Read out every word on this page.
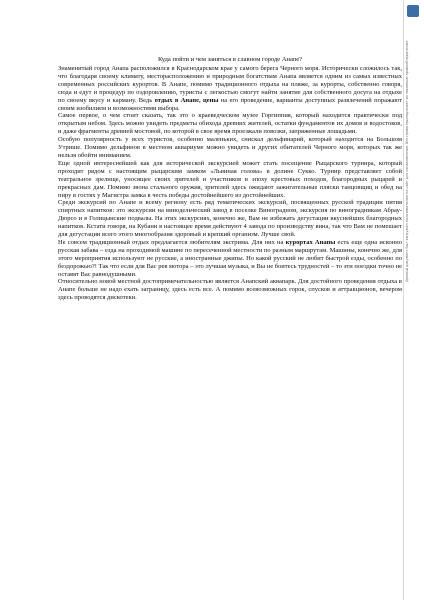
Данный документ был загружен пользователем на сайт для ознакомления. Все права принадлежат их законным правообладателям.
Куда пойти и чем заняться в славном городе Анапе?

Знаменитый город Анапа расположился в Краснодарском крае у самого берега Черного моря. Исторически сложилось так, что благодаря своему климату, месторасположению и природным богатствам Анапа является одним из самых известных современных российских курортов. В Анапе, помимо традиционного отдыха на пляже, за курорты, собственно говоря, сюда и едут и процедур по оздоровлению, туристы с легкостью смогут найти занятие для собственного досуга на отдыхе по своему вкусу и карману. Ведь отдых в Анапе, цены на его проведение, варианты доступных развлечений поражают своим изобилием и возможностями выбора.

Самое первое, о чем стоит сказать, так это о краеведческом музее Горгиппия, который находится практически под открытым небом. Здесь можно увидеть предметы обихода древних жителей, остатки фундаментов их домов и водостоков, и даже фрагменты древней мостовой, по которой в свое время проезжали повозки, запряженные лошадьми.

Особую популярность у всех туристов, особенно маленьких, снискал дельфинарий, который находится на Большом Утрише. Помимо дельфинов в местном аквариуме можно увидеть и других обитателей Черного моря, которых так же нельзя обойти вниманием.

Еще одной интереснейшей как для исторической экскурсией может стать посещение Рыцарского турнира, который проходит рядом с настоящим рыцарским замком «Львиная голова» в долине Сукко. Турнир представляет собой театральное зрелище, уносящее своих зрителей и участников в эпоху крестовых походов, благородных рыцарей и прекрасных дам. Помимо звона стального оружия, зрителей здесь ожидают зажигательные пляски танцовщиц и обед на пиру в гостях у Магистра замка в честь победы достойнейшего из достойнейших.

Среди экскурсий по Анапе и всему региону есть ряд тематических экскурсий, посвященных русской традиции пития спиртных напитков: это экскурсии на винодельческий завод в поселке Виноградном, экскурсия по виноградникам Абрау-Дюрсо и в Голицынские подвалы. На этих экскурсиях, конечно же, Вам не избежать дегустации вкуснейших благородных напитков. Кстати говоря, на Кубани в настоящее время действуют 4 завода по производству вина, так что Вам не помешает для дегустации всего этого многообразия здоровый и крепкий организм. Лучше свой.

Не совсем традиционный отдых предлагается любителям экстрима. Для них на курортах Анапы есть еще одна исконно русская забава – езда на проходимой машине по пересеченной местности по разным маршрутам. Машины, конечно же, для этого мероприятия используют не русские, а иностранные джипы. Но какой русский не любит быстрой езды, особенно по бездорожью?! Так что если для Вас рев мотора – это лучшая музыка, и Вы не боитесь трудностей – то эти поездки точно не оставят Вас равнодушными.

Относительно новой местной достопримечательностью является Анапский аквапарк. Для достойного проведения отдыха в Анапе больше не надо ехать заграницу, здесь есть все. А помимо всевозможных горок, спусков и аттракционов, вечером здесь проводятся дискотеки.
